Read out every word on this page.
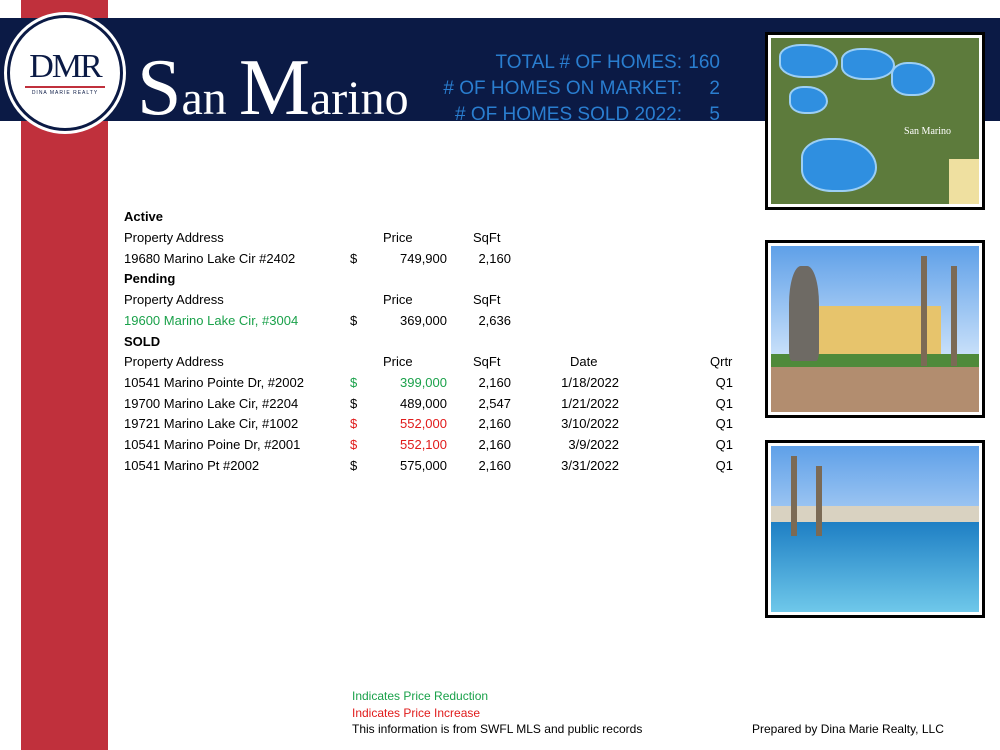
San Marino
TOTAL # OF HOMES: 160
# OF HOMES ON MARKET:	2
# OF HOMES SOLD 2022:	5
DMR
DINA MARIE REALTY
San Marino
Active
Property Address	Price	SqFt
19680 Marino Lake Cir #2402	$	749,900	2,160
Pending
Property Address	Price	SqFt
19600 Marino Lake Cir, #3004	$	369,000	2,636
SOLD
Property Address	Price	SqFt	Date	Qrtr
10541 Marino Pointe Dr, #2002	$	399,000	2,160	1/18/2022	Q1
19700 Marino Lake Cir, #2204	$	489,000	2,547	1/21/2022	Q1
19721 Marino Lake Cir, #1002	$	552,000	2,160	3/10/2022	Q1
10541 Marino Poine Dr, #2001	$	552,100	2,160	3/9/2022	Q1
10541 Marino Pt #2002	$	575,000	2,160	3/31/2022	Q1
Indicates Price Reduction
Indicates Price Increase
This information is from SWFL MLS and public records	Prepared by Dina Marie Realty, LLC
